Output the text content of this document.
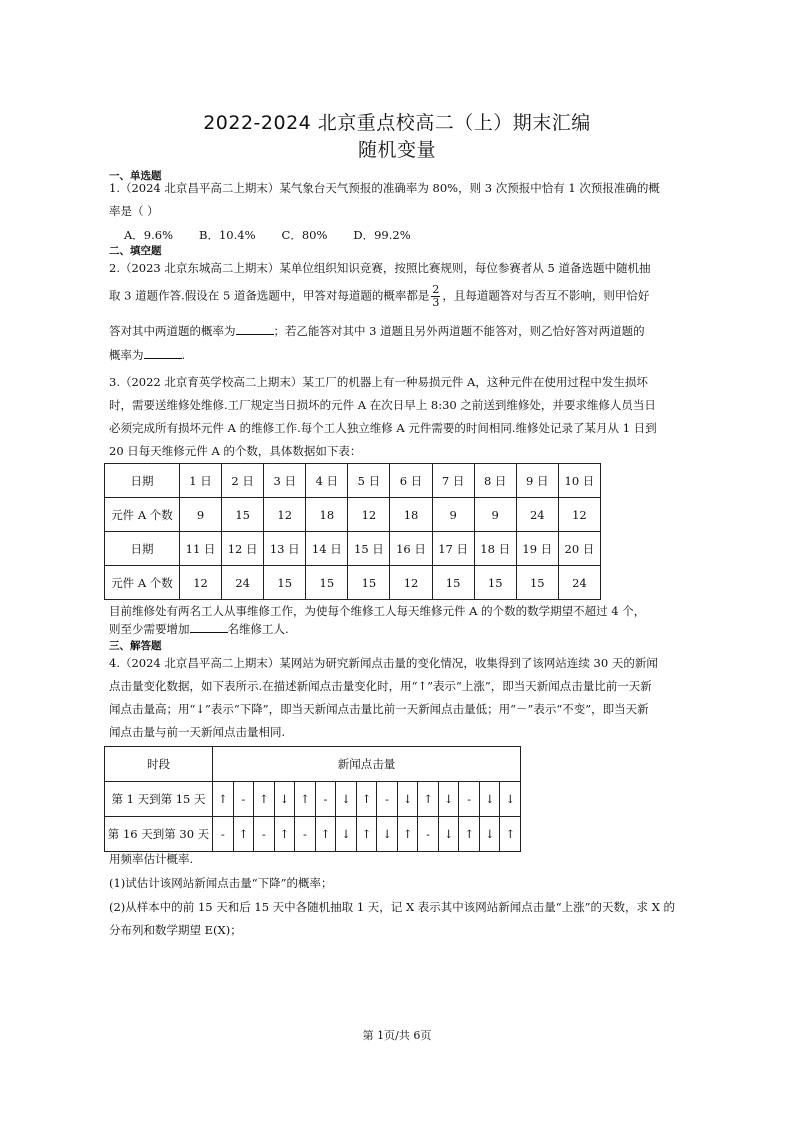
2022-2024 北京重点校高二（上）期末汇编
随机变量
一、单选题
1.（2024 北京昌平高二上期末）某气象台天气预报的准确率为 80%，则 3 次预报中恰有 1 次预报准确的概
率是（ ）
A．9.6% B．10.4% C．80% D．99.2%
二、填空题
2.（2023 北京东城高二上期末）某单位组织知识竞赛，按照比赛规则，每位参赛者从 5 道备选题中随机抽
取 3 道题作答.假设在 5 道备选题中，甲答对每道题的概率都是 $\frac{2}{3}$ ，且每道题答对与否互不影响，则甲恰好
答对其中两道题的概率为	；若乙能答对其中 3 道题且另外两道题不能答对，则乙恰好答对两道题的
概率为	.
3.（2022 北京育英学校高二上期末）某工厂的机器上有一种易损元件 A，这种元件在使用过程中发生损坏
时，需要送维修处维修.工厂规定当日损坏的元件 A 在次日早上 8:30 之前送到维修处，并要求维修人员当日
必须完成所有损坏元件 A 的维修工作.每个工人独立维修 A 元件需要的时间相同.维修处记录了某月从 1 日到
20 日每天维修元件 A 的个数，具体数据如下表：
日期	1 日	2 日	3 日	4 日	5 日	6 日	7 日	8 日	9 日	10 日
元件 A 个数	9	15	12	18	12	18	9	9	24	12
日期	11 日	12 日	13 日	14 日	15 日	16 日	17 日	18 日	19 日	20 日
元件 A 个数	12	24	15	15	15	12	15	15	15	24
目前维修处有两名工人从事维修工作，为使每个维修工人每天维修元件 A 的个数的数学期望不超过 4 个，
则至少需要增加	名维修工人.
三、解答题
4.（2024 北京昌平高二上期末）某网站为研究新闻点击量的变化情况，收集得到了该网站连续 30 天的新闻
点击量变化数据，如下表所示.在描述新闻点击量变化时，用“↑”表示“上涨”，即当天新闻点击量比前一天新
闻点击量高；用“↓”表示“下降”，即当天新闻点击量比前一天新闻点击量低；用“－”表示“不变”，即当天新
闻点击量与前一天新闻点击量相同.
时段	新闻点击量														
第 1 天到第 15 天	↑	-	↑	↓	↑	-	↓	↑	-	↓	↑	↓	-	↓	↓
第 16 天到第 30 天	-	↑	-	↑	-	↑	↓	↑	↓	↑	-	↓	↑	↓	↑
用频率估计概率.
(1)试估计该网站新闻点击量“下降”的概率；
(2)从样本中的前 15 天和后 15 天中各随机抽取 1 天，记 X 表示其中该网站新闻点击量“上涨”的天数，求 X 的
分布列和数学期望 E(X)；
第 1页/共 6页
